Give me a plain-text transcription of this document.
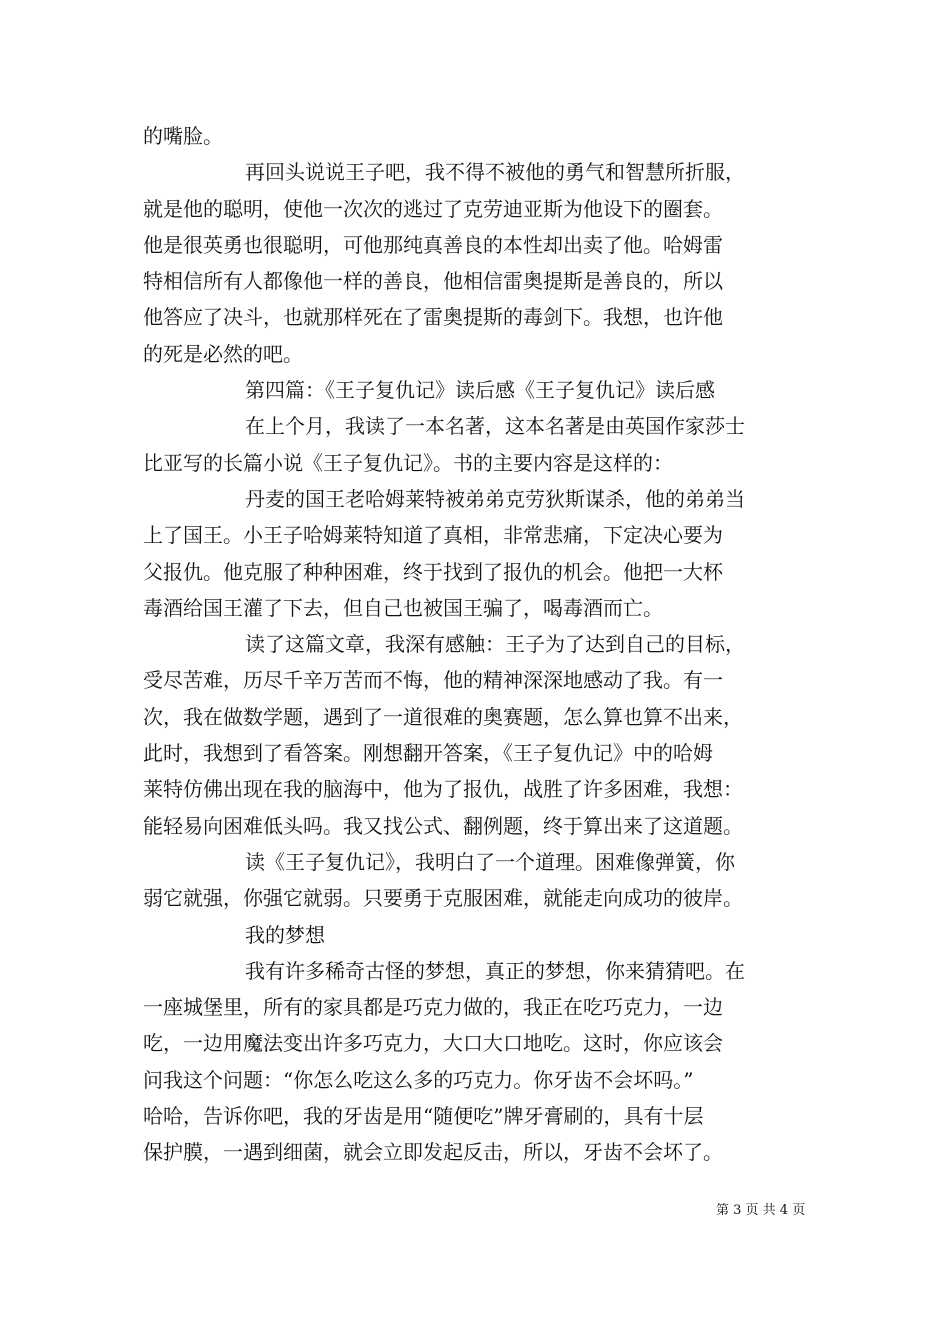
的嘴脸。
再回头说说王子吧，我不得不被他的勇气和智慧所折服，
就是他的聪明，使他一次次的逃过了克劳迪亚斯为他设下的圈套。
他是很英勇也很聪明，可他那纯真善良的本性却出卖了他。哈姆雷
特相信所有人都像他一样的善良，他相信雷奥提斯是善良的，所以
他答应了决斗，也就那样死在了雷奥提斯的毒剑下。我想，也许他
的死是必然的吧。
第四篇：《王子复仇记》读后感《王子复仇记》读后感
在上个月，我读了一本名著，这本名著是由英国作家莎士
比亚写的长篇小说《王子复仇记》。书的主要内容是这样的：
丹麦的国王老哈姆莱特被弟弟克劳狄斯谋杀，他的弟弟当
上了国王。小王子哈姆莱特知道了真相，非常悲痛，下定决心要为
父报仇。他克服了种种困难，终于找到了报仇的机会。他把一大杯
毒酒给国王灌了下去，但自己也被国王骗了，喝毒酒而亡。
读了这篇文章，我深有感触：王子为了达到自己的目标，
受尽苦难，历尽千辛万苦而不悔，他的精神深深地感动了我。有一
次，我在做数学题，遇到了一道很难的奥赛题，怎么算也算不出来，
此时，我想到了看答案。刚想翻开答案，《王子复仇记》中的哈姆
莱特仿佛出现在我的脑海中，他为了报仇，战胜了许多困难，我想：
能轻易向困难低头吗。我又找公式、翻例题，终于算出来了这道题。
读《王子复仇记》，我明白了一个道理。困难像弹簧，你
弱它就强，你强它就弱。只要勇于克服困难，就能走向成功的彼岸。
我的梦想
我有许多稀奇古怪的梦想，真正的梦想，你来猜猜吧。在
一座城堡里，所有的家具都是巧克力做的，我正在吃巧克力，一边
吃，一边用魔法变出许多巧克力，大口大口地吃。这时，你应该会
问我这个问题：“你怎么吃这么多的巧克力。你牙齿不会坏吗。”
哈哈，告诉你吧，我的牙齿是用“随便吃”牌牙膏刷的，具有十层
保护膜，一遇到细菌，就会立即发起反击，所以，牙齿不会坏了。
第 3 页 共 4 页
